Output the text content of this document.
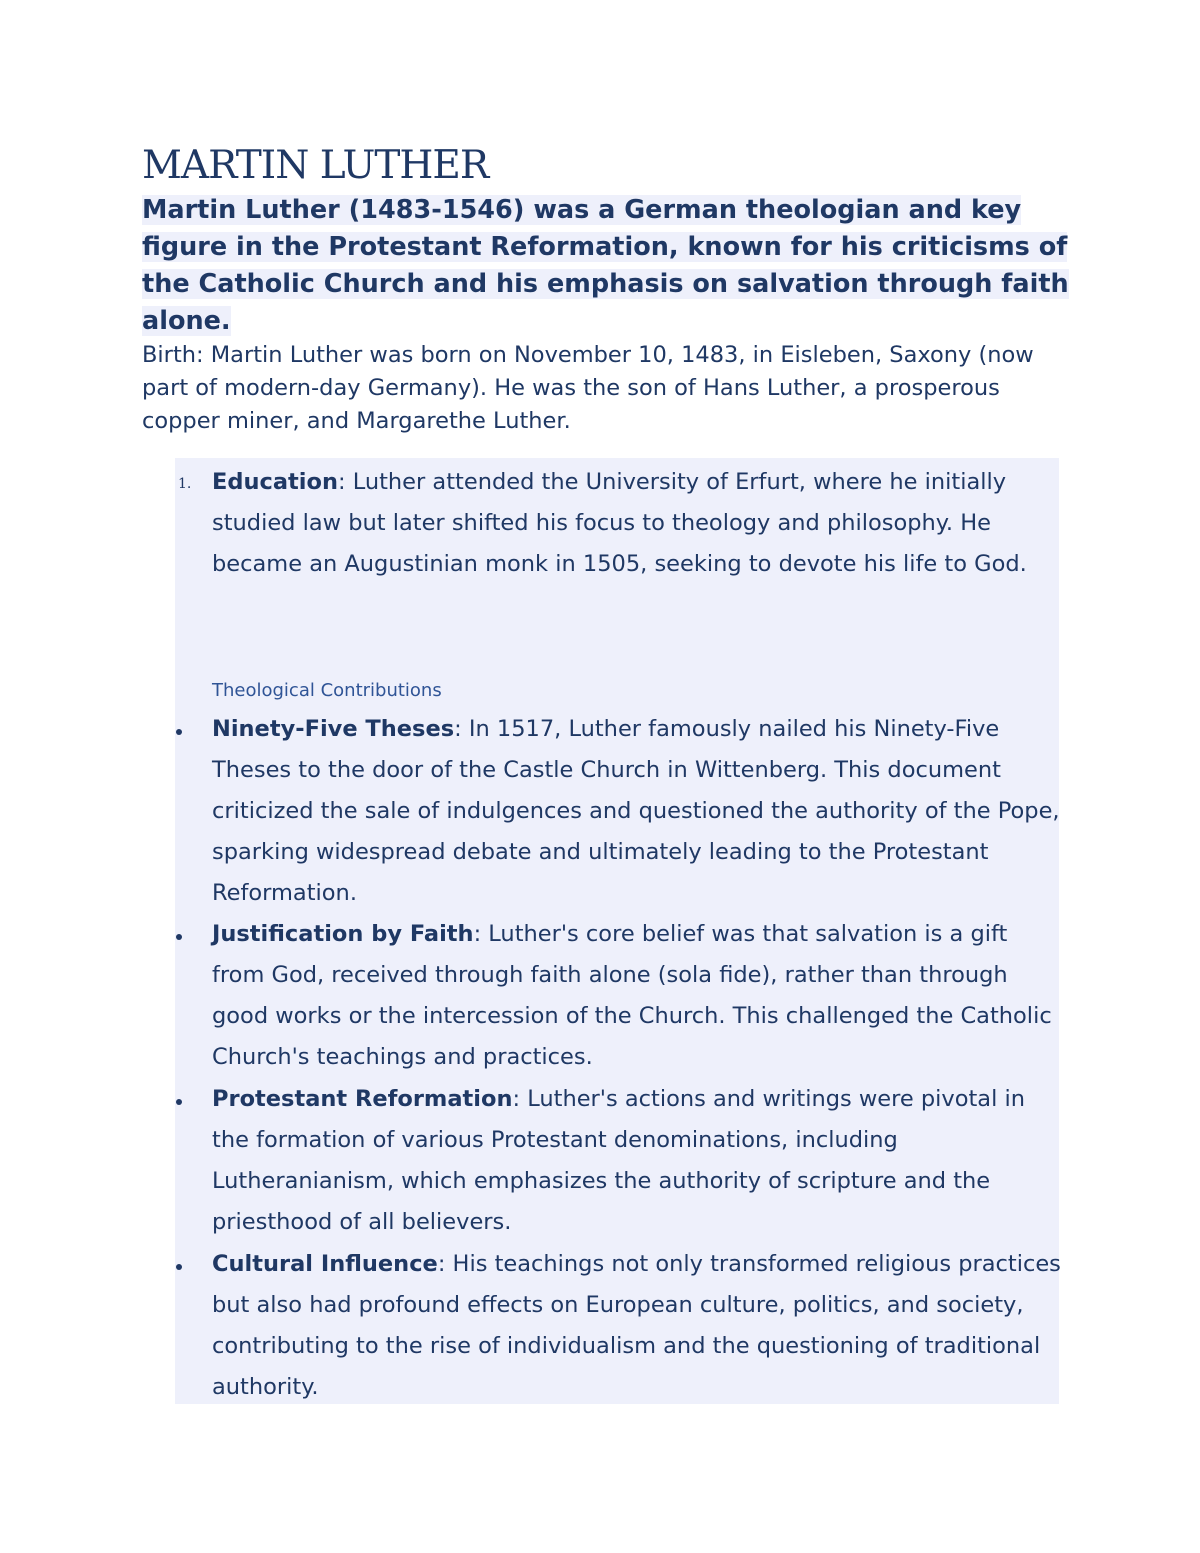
MARTIN LUTHER
Martin Luther (1483-1546) was a German theologian and key figure in the Protestant Reformation, known for his criticisms of the Catholic Church and his emphasis on salvation through faith alone.
Birth: Martin Luther was born on November 10, 1483, in Eisleben, Saxony (now part of modern-day Germany). He was the son of Hans Luther, a prosperous copper miner, and Margarethe Luther.
1. Education: Luther attended the University of Erfurt, where he initially studied law but later shifted his focus to theology and philosophy. He became an Augustinian monk in 1505, seeking to devote his life to God.
Theological Contributions
Ninety-Five Theses: In 1517, Luther famously nailed his Ninety-Five Theses to the door of the Castle Church in Wittenberg. This document criticized the sale of indulgences and questioned the authority of the Pope, sparking widespread debate and ultimately leading to the Protestant Reformation.
Justification by Faith: Luther's core belief was that salvation is a gift from God, received through faith alone (sola fide), rather than through good works or the intercession of the Church. This challenged the Catholic Church's teachings and practices.
Protestant Reformation: Luther's actions and writings were pivotal in the formation of various Protestant denominations, including Lutheranianism, which emphasizes the authority of scripture and the priesthood of all believers.
Cultural Influence: His teachings not only transformed religious practices but also had profound effects on European culture, politics, and society, contributing to the rise of individualism and the questioning of traditional authority.
